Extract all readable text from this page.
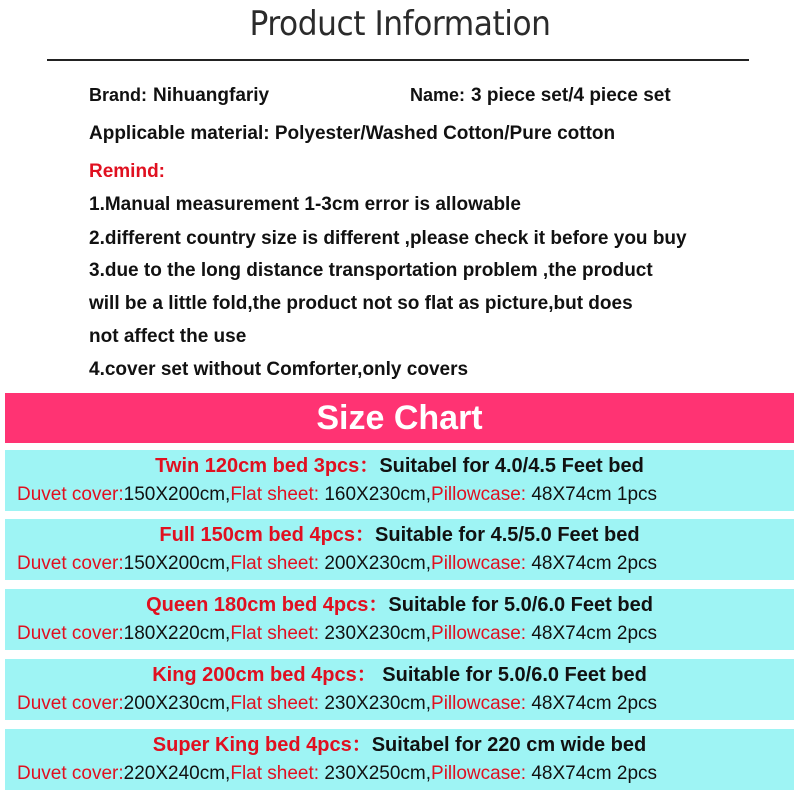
Product Information
Brand: Nihuangfariy	Name: 3 piece set/4 piece set
Applicable material: Polyester/Washed Cotton/Pure cotton
Remind:
1.Manual measurement 1-3cm error is allowable
2.different country size is different ,please check it before you buy
3.due to the long distance transportation problem ,the product
will be a little fold,the product not so flat as picture,but does
not affect the use
4.cover set without Comforter,only covers
Size Chart
Twin 120cm bed 3pcs：Suitabel for 4.0/4.5 Feet bed
Duvet cover:150X200cm,Flat sheet: 160X230cm,Pillowcase: 48X74cm 1pcs
Full 150cm bed 4pcs：Suitable for 4.5/5.0 Feet bed
Duvet cover:150X200cm,Flat sheet: 200X230cm,Pillowcase: 48X74cm 2pcs
Queen 180cm bed 4pcs：Suitable for 5.0/6.0 Feet bed
Duvet cover:180X220cm,Flat sheet: 230X230cm,Pillowcase: 48X74cm 2pcs
King 200cm bed 4pcs： Suitable for 5.0/6.0 Feet bed
Duvet cover:200X230cm,Flat sheet: 230X230cm,Pillowcase: 48X74cm 2pcs
Super King bed 4pcs：Suitabel for 220 cm wide bed
Duvet cover:220X240cm,Flat sheet: 230X250cm,Pillowcase: 48X74cm 2pcs
